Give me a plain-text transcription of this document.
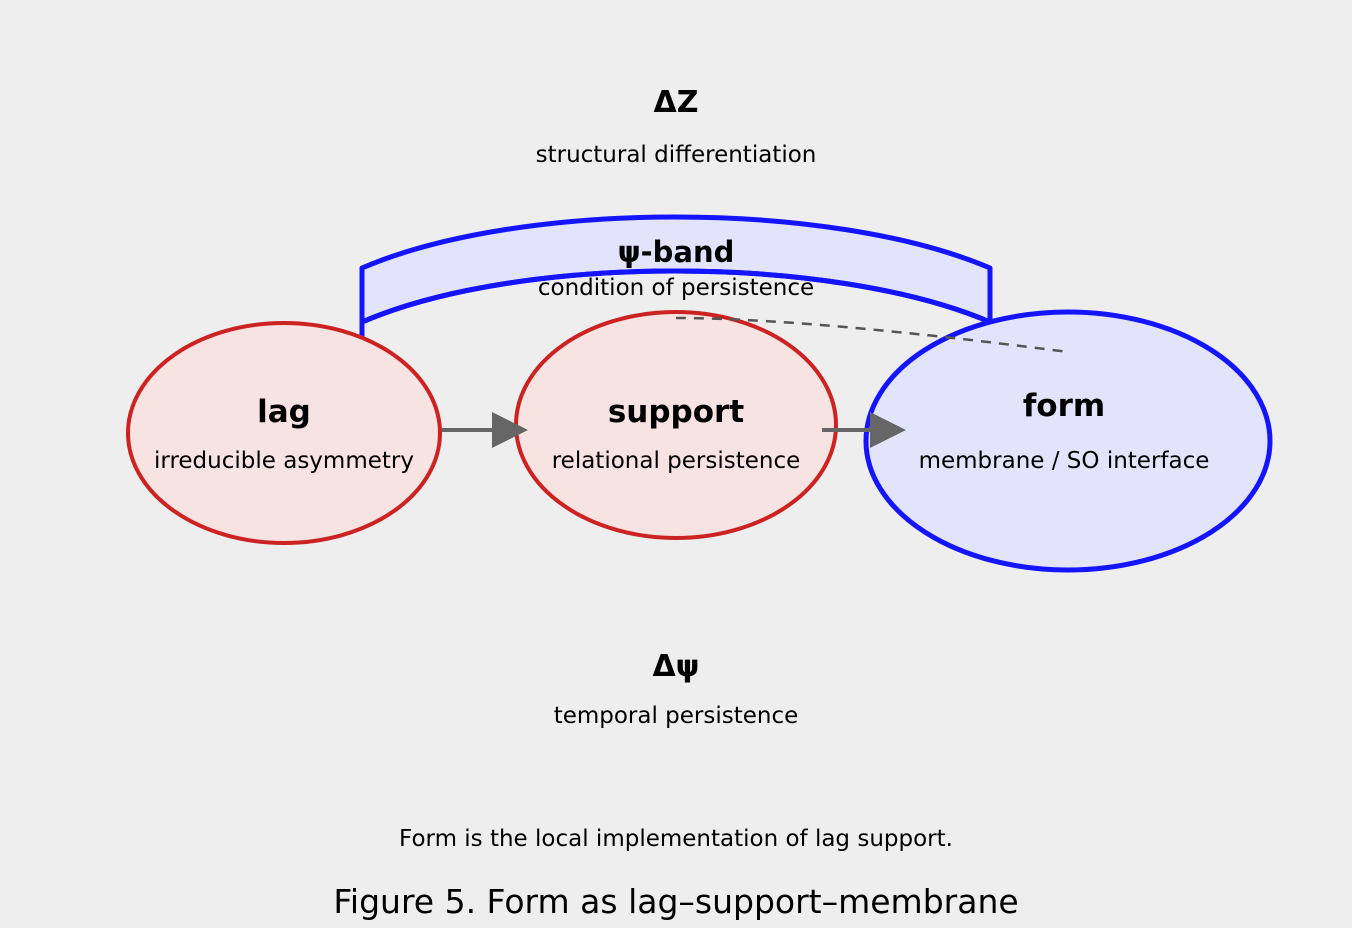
ΔZ
structural differentiation
ψ-band
condition of persistence
lag
irreducible asymmetry
support
relational persistence
form
membrane / SO interface
Δψ
temporal persistence
Form is the local implementation of lag support.
Figure 5. Form as lag–support–membrane
